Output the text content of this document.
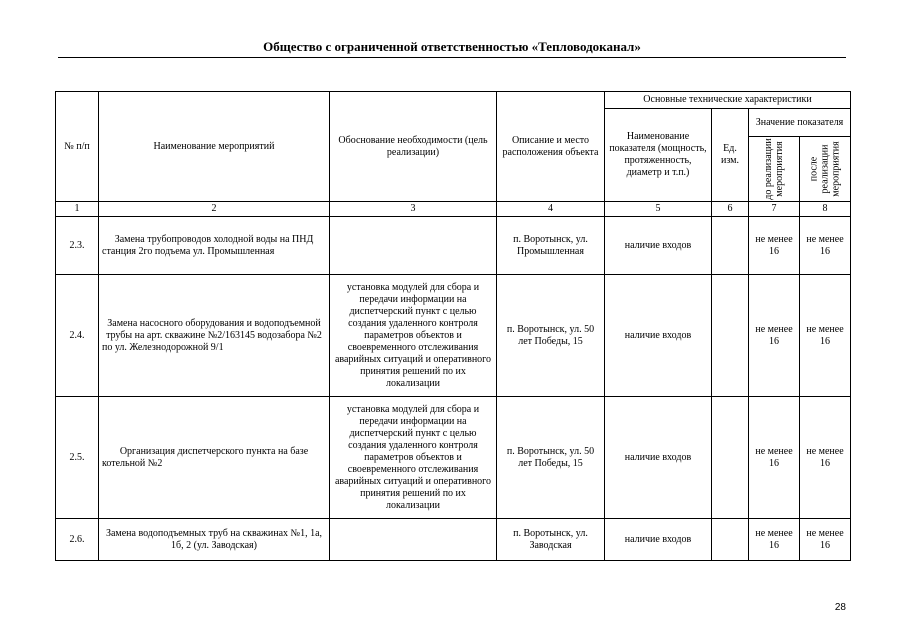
Общество с ограниченной ответственностью «Тепловодоканал»
№ п/п	Наименование мероприятий	Обоснование необходимости (цель реализации)	Описание и место расположения объекта	Основные технические характеристики			
				Наименование показателя (мощность, протяженность, диаметр и т.п.)	Ед. изм.	Значение показателя	

						до реализации мероприятия	после реализации мероприятия

1	2	3	4	5	6	7	8
2.3.	Замена трубопроводов холодной воды на ПНД станция 2го подъема ул. Промышленная		п. Воротынск, ул. Промышленная	наличие входов		не менее 16	не менее 16
2.4.	Замена насосного оборудования и водоподъемной трубы на арт. скважине №2/163145 водозабора №2 по ул. Железнодорожной 9/1	установка модулей для сбора и передачи информации на диспетчерский пункт с целью создания удаленного контроля параметров объектов и своевременного отслеживания аварийных ситуаций и оперативного принятия решений по их локализации	п. Воротынск, ул. 50 лет Победы, 15	наличие входов		не менее 16	не менее 16
2.5.	Организация диспетчерского пункта на базе котельной №2	установка модулей для сбора и передачи информации на диспетчерский пункт с целью создания удаленного контроля параметров объектов и своевременного отслеживания аварийных ситуаций и оперативного принятия решений по их локализации	п. Воротынск, ул. 50 лет Победы, 15	наличие входов		не менее 16	не менее 16
2.6.	Замена водоподъемных труб на скважинах №1, 1а, 1б, 2 (ул. Заводская)		п. Воротынск, ул. Заводская	наличие входов		не менее 16	не менее 16
28
